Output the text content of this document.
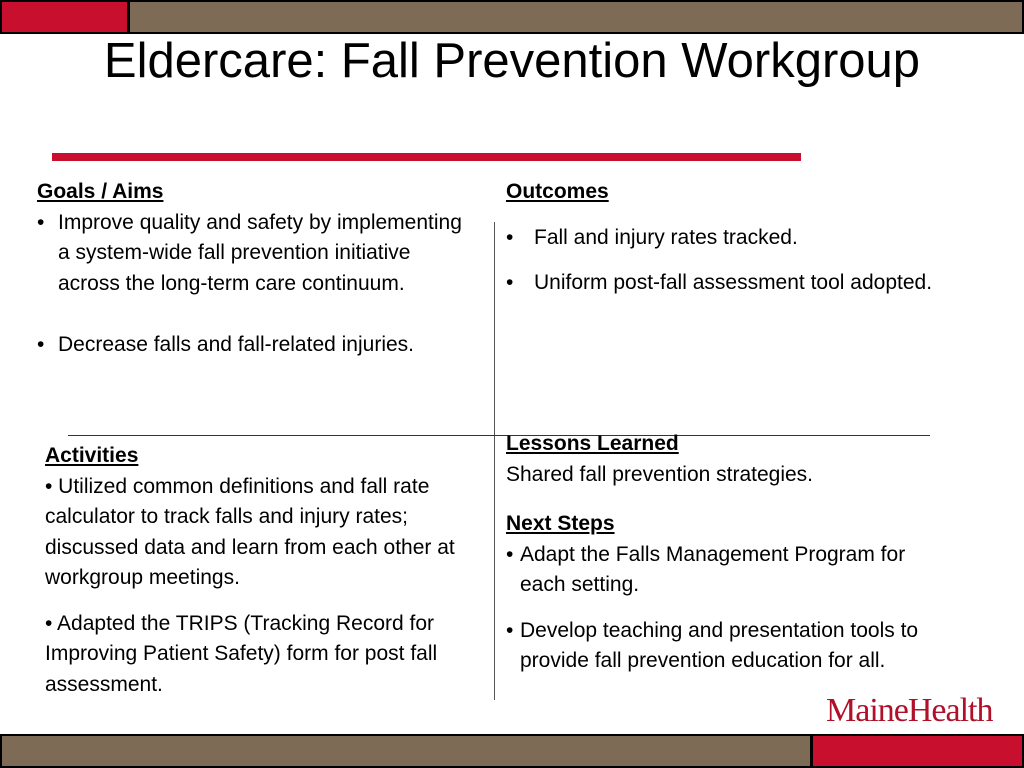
Eldercare: Fall Prevention Workgroup
Goals / Aims
• Improve quality and safety by implementing a system-wide fall prevention initiative across the long-term care continuum.
• Decrease falls and fall-related injuries.
Outcomes
• Fall and injury rates tracked.
• Uniform post-fall assessment tool adopted.
Activities
• Utilized common definitions and fall rate calculator to track falls and injury rates; discussed data and learn from each other at workgroup meetings.
• Adapted the TRIPS (Tracking Record for Improving Patient Safety) form for post fall assessment.
Lessons Learned
Shared fall prevention strategies.
Next Steps
• Adapt the Falls Management Program for each setting.
• Develop teaching and presentation tools to provide fall prevention education for all.
MaineHealth
